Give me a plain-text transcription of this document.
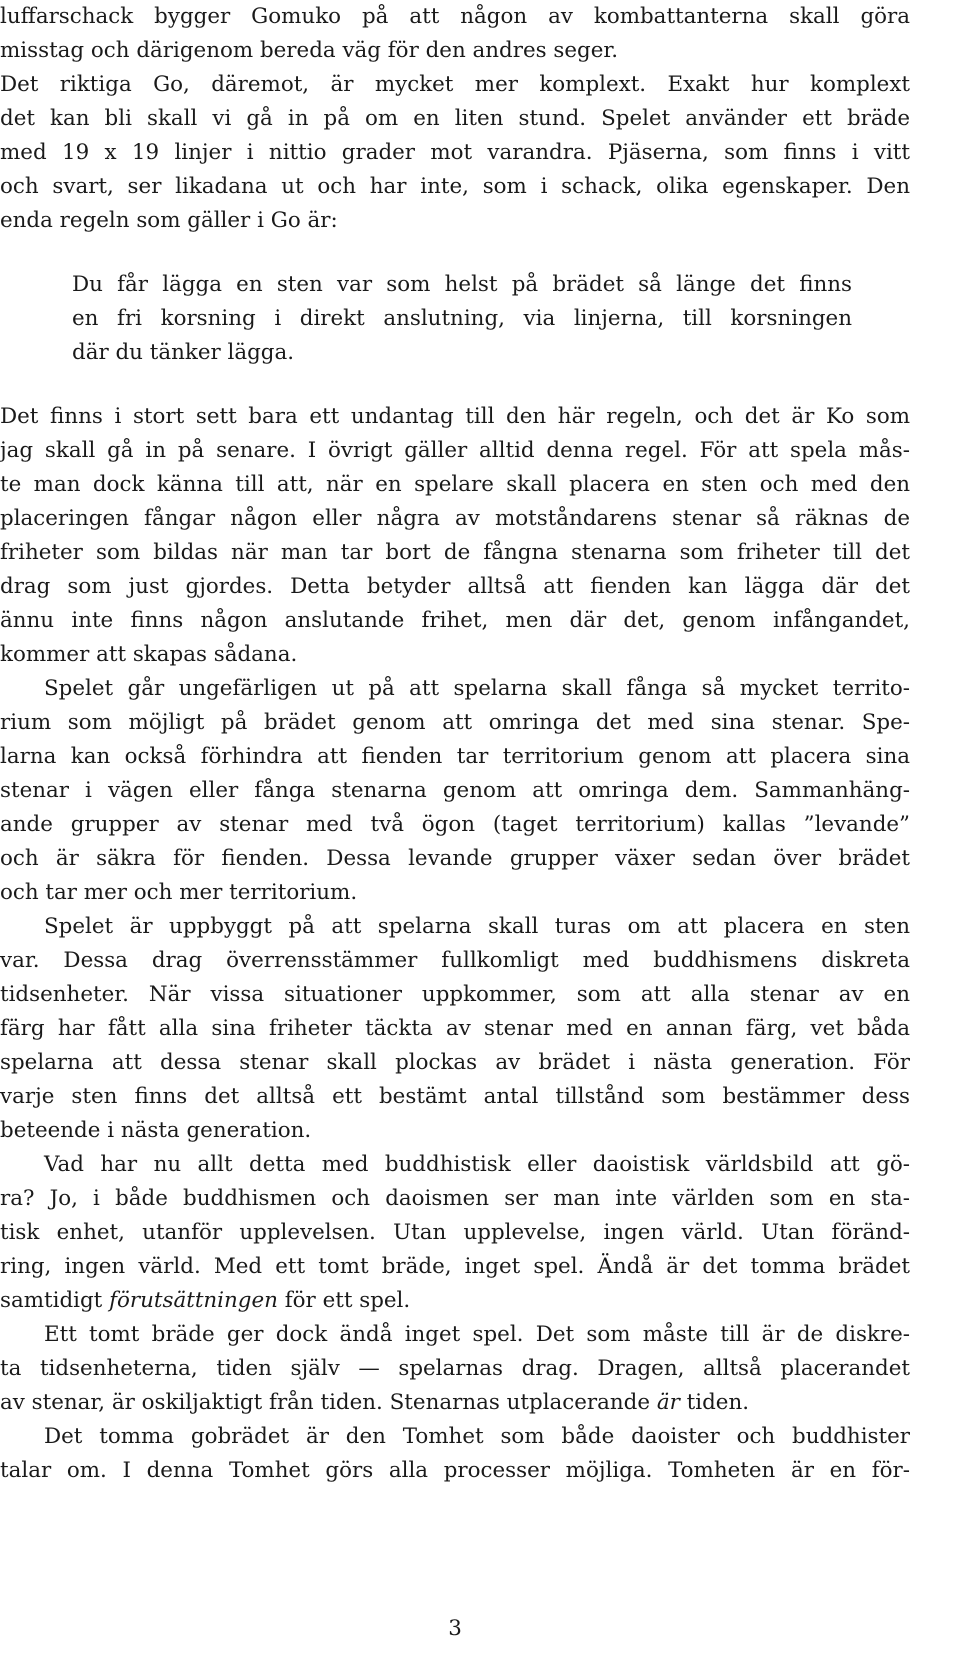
luffarschack bygger Gomuko på att någon av kombattanterna skall göra
misstag och därigenom bereda väg för den andres seger.
Det riktiga Go, däremot, är mycket mer komplext. Exakt hur komplext
det kan bli skall vi gå in på om en liten stund. Spelet använder ett bräde
med 19 x 19 linjer i nittio grader mot varandra. Pjäserna, som finns i vitt
och svart, ser likadana ut och har inte, som i schack, olika egenskaper. Den
enda regeln som gäller i Go är:
Du får lägga en sten var som helst på brädet så länge det finns
en fri korsning i direkt anslutning, via linjerna, till korsningen
där du tänker lägga.
Det finns i stort sett bara ett undantag till den här regeln, och det är Ko som
jag skall gå in på senare. I övrigt gäller alltid denna regel. För att spela mås-
te man dock känna till att, när en spelare skall placera en sten och med den
placeringen fångar någon eller några av motståndarens stenar så räknas de
friheter som bildas när man tar bort de fångna stenarna som friheter till det
drag som just gjordes. Detta betyder alltså att fienden kan lägga där det
ännu inte finns någon anslutande frihet, men där det, genom infångandet,
kommer att skapas sådana.
Spelet går ungefärligen ut på att spelarna skall fånga så mycket territo-
rium som möjligt på brädet genom att omringa det med sina stenar. Spe-
larna kan också förhindra att fienden tar territorium genom att placera sina
stenar i vägen eller fånga stenarna genom att omringa dem. Sammanhäng-
ande grupper av stenar med två ögon (taget territorium) kallas ”levande”
och är säkra för fienden. Dessa levande grupper växer sedan över brädet
och tar mer och mer territorium.
Spelet är uppbyggt på att spelarna skall turas om att placera en sten
var. Dessa drag överrensstämmer fullkomligt med buddhismens diskreta
tidsenheter. När vissa situationer uppkommer, som att alla stenar av en
färg har fått alla sina friheter täckta av stenar med en annan färg, vet båda
spelarna att dessa stenar skall plockas av brädet i nästa generation. För
varje sten finns det alltså ett bestämt antal tillstånd som bestämmer dess
beteende i nästa generation.
Vad har nu allt detta med buddhistisk eller daoistisk världsbild att gö-
ra? Jo, i både buddhismen och daoismen ser man inte världen som en sta-
tisk enhet, utanför upplevelsen. Utan upplevelse, ingen värld. Utan föränd-
ring, ingen värld. Med ett tomt bräde, inget spel. Ändå är det tomma brädet
samtidigt förutsättningen för ett spel.
Ett tomt bräde ger dock ändå inget spel. Det som måste till är de diskre-
ta tidsenheterna, tiden själv — spelarnas drag. Dragen, alltså placerandet
av stenar, är oskiljaktigt från tiden. Stenarnas utplacerande är tiden.
Det tomma gobrädet är den Tomhet som både daoister och buddhister
talar om. I denna Tomhet görs alla processer möjliga. Tomheten är en för-
3
